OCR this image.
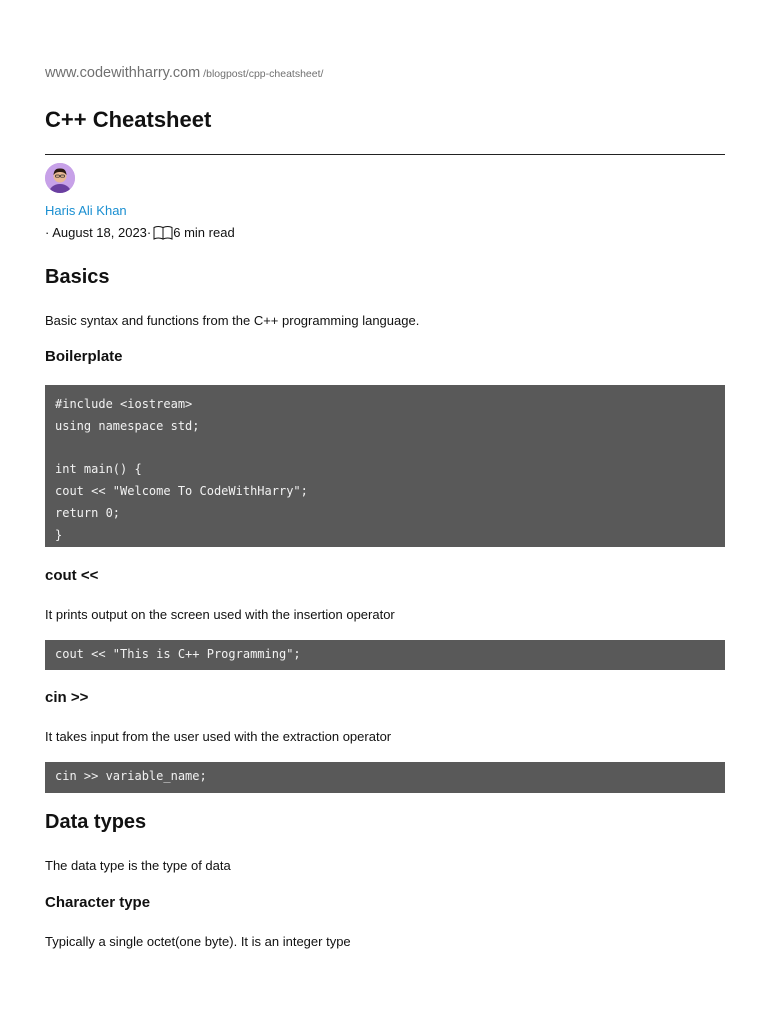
www.codewithharry.com /blogpost/cpp-cheatsheet/
C++ Cheatsheet
Haris Ali Khan
· August 18, 2023· 6 min read
Basics

Basic syntax and functions from the C++ programming language.

Boilerplate
#include <iostream>
using namespace std;
int main() {
cout << "Welcome To CodeWithHarry";
return 0;
}
cout <<

It prints output on the screen used with the insertion operator

cout << "This is C++ Programming";
cin >>

It takes input from the user used with the extraction operator

cin >> variable_name;
Data types

The data type is the type of data

Character type

Typically a single octet(one byte). It is an integer type
